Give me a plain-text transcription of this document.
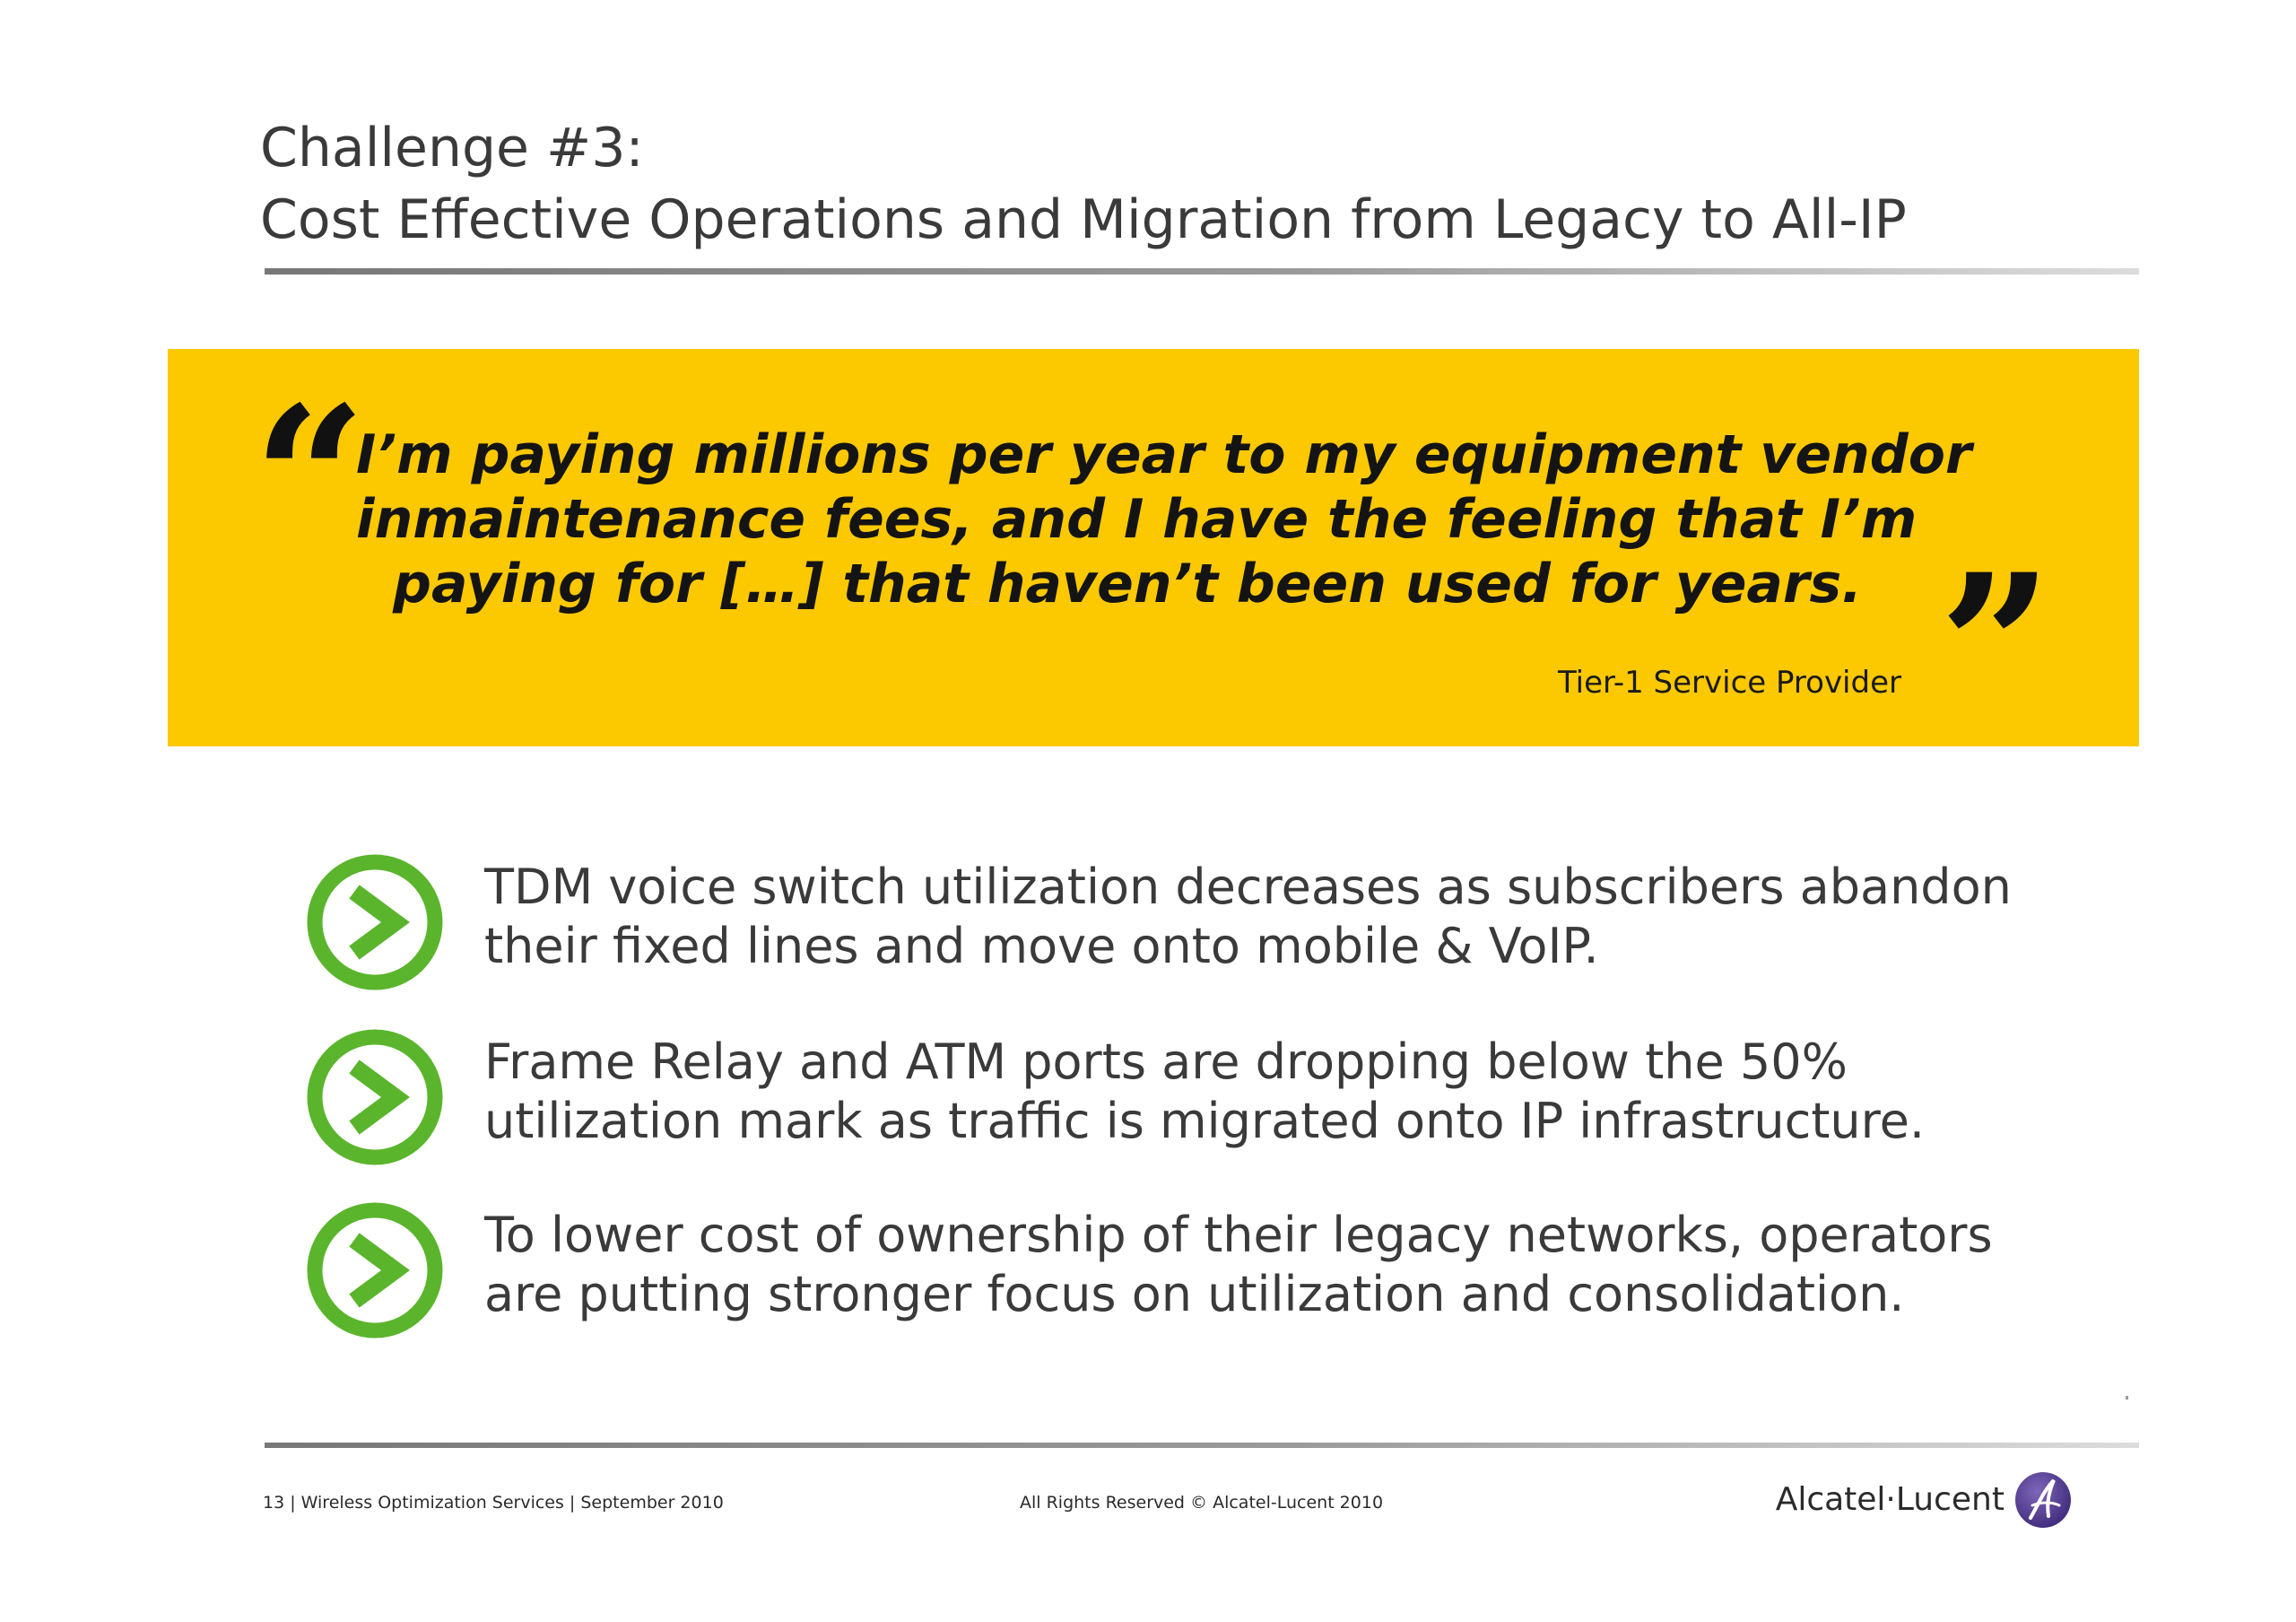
Challenge #3:
Cost Effective Operations and Migration from Legacy to All-IP
“
I’m paying millions per year to my equipment vendor
inmaintenance fees, and I have the feeling that I’m
paying for […] that haven’t been used for years. ”
Tier-1 Service Provider
TDM voice switch utilization decreases as subscribers abandon
their fixed lines and move onto mobile & VoIP.
Frame Relay and ATM ports are dropping below the 50%
utilization mark as traffic is migrated onto IP infrastructure.
To lower cost of ownership of their legacy networks, operators
are putting stronger focus on utilization and consolidation.
13 | Wireless Optimization Services | September 2010	All Rights Reserved © Alcatel-Lucent 2010	Alcatel·Lucent
